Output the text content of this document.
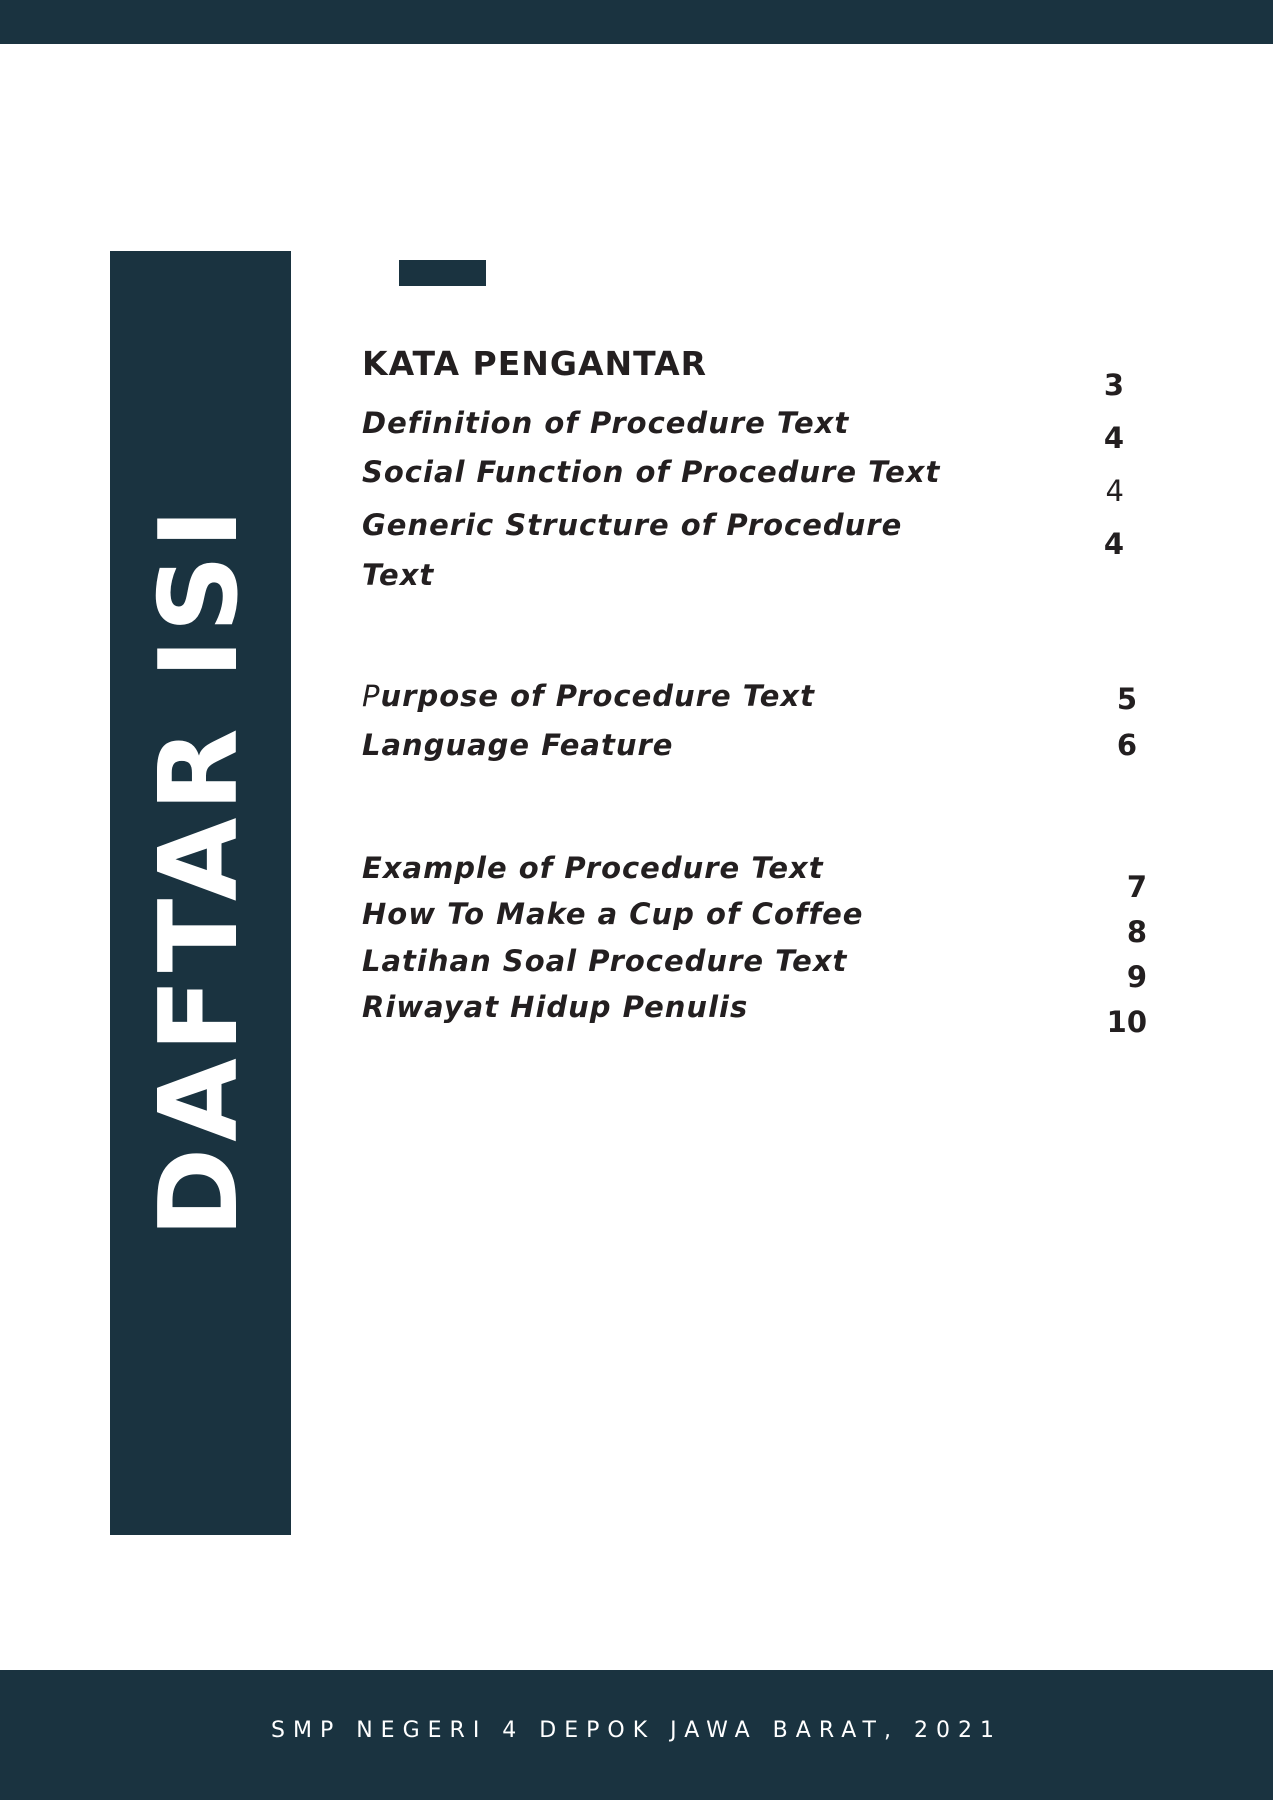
DAFTAR ISI
KATA PENGANTAR
Definition of Procedure Text
Social Function of Procedure Text
Generic Structure of Procedure Text
Purpose of Procedure Text
Language Feature
Example of Procedure Text
How To Make a Cup of Coffee
Latihan Soal Procedure Text
Riwayat Hidup Penulis
3
4
4
4
5
6
7
8
9
10
SMP NEGERI 4 DEPOK JAWA BARAT, 2021
